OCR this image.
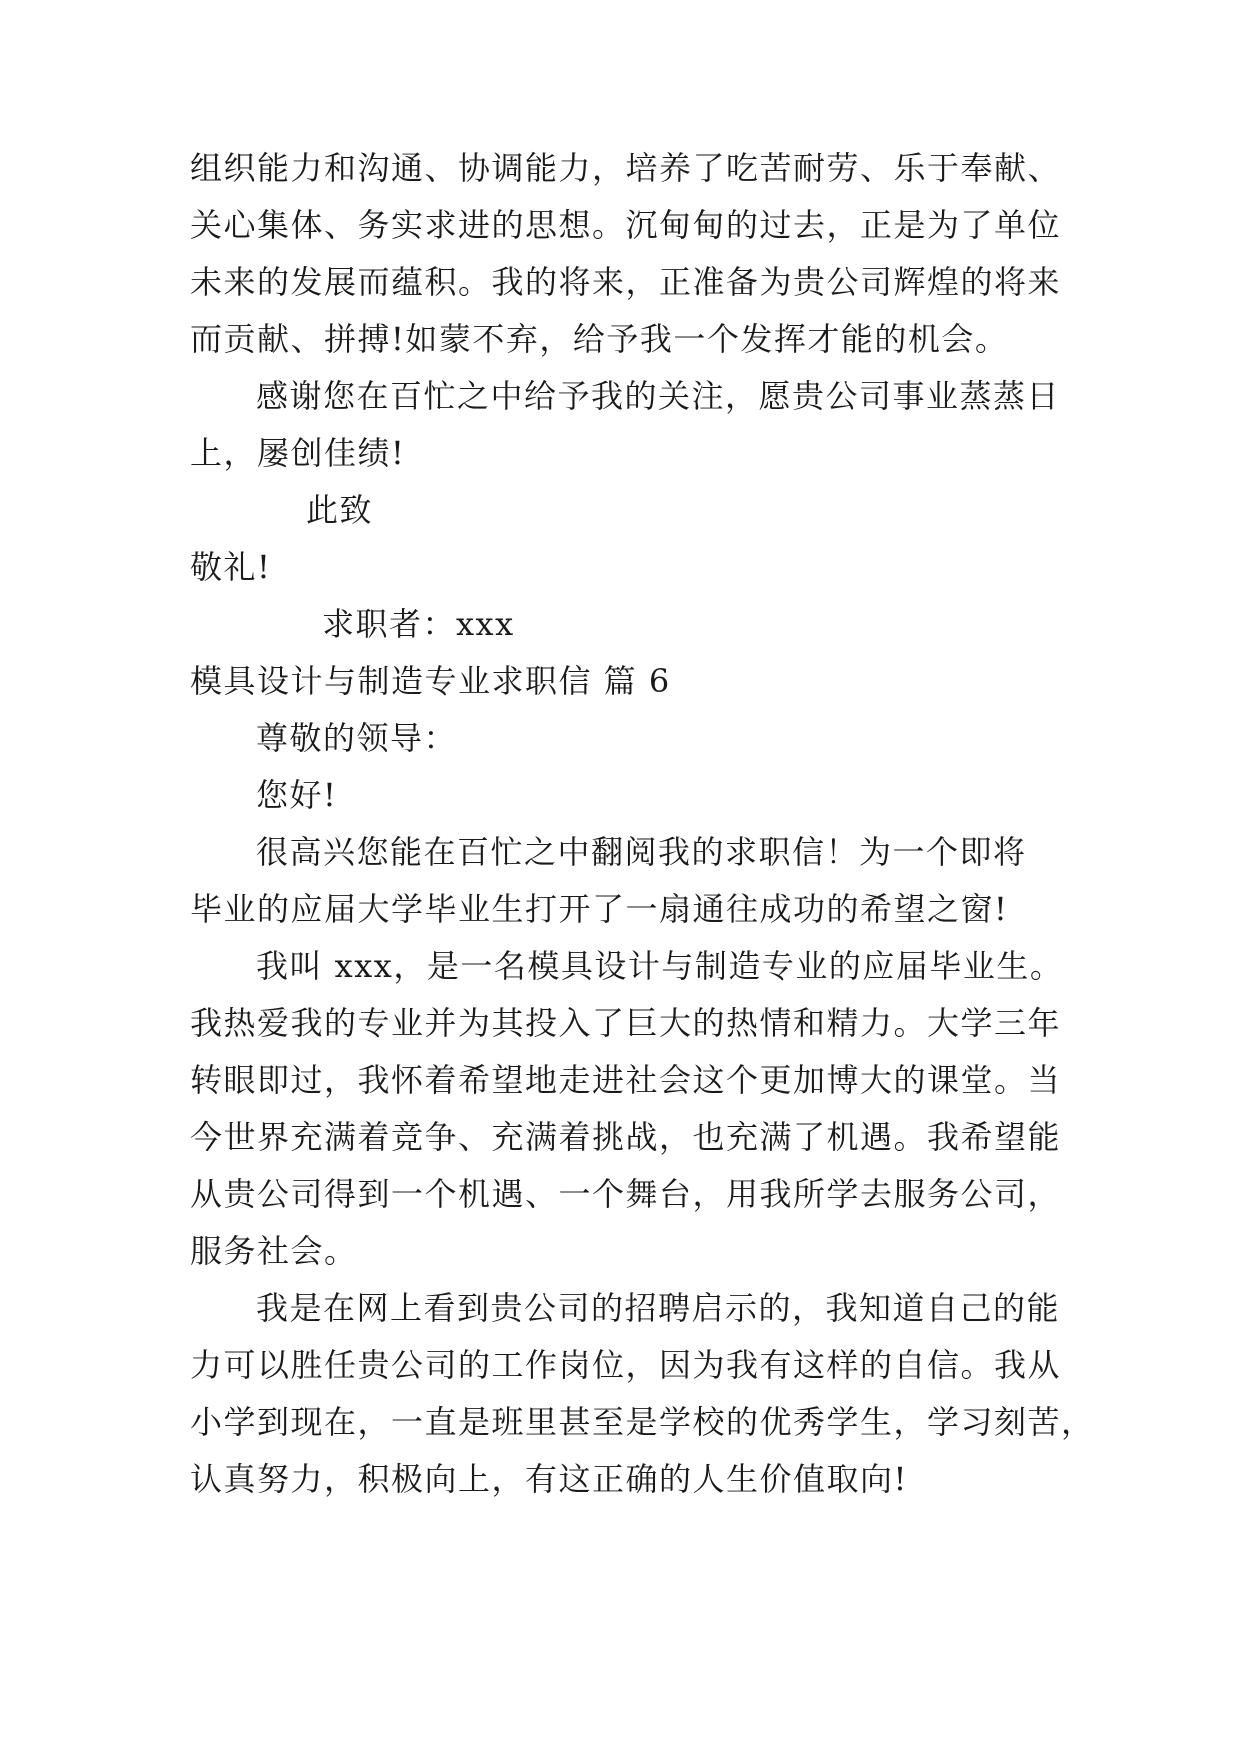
组织能力和沟通、协调能力，培养了吃苦耐劳、乐于奉献、
关心集体、务实求进的思想。沉甸甸的过去，正是为了单位
未来的发展而蕴积。我的将来，正准备为贵公司辉煌的将来
而贡献、拼搏!如蒙不弃，给予我一个发挥才能的机会。
感谢您在百忙之中给予我的关注，愿贵公司事业蒸蒸日
上，屡创佳绩!
此致
敬礼!
求职者：xxx
模具设计与制造专业求职信 篇 6
尊敬的领导：
您好!
很高兴您能在百忙之中翻阅我的求职信！为一个即将
毕业的应届大学毕业生打开了一扇通往成功的希望之窗!
我叫 xxx，是一名模具设计与制造专业的应届毕业生。
我热爱我的专业并为其投入了巨大的热情和精力。大学三年
转眼即过，我怀着希望地走进社会这个更加博大的课堂。当
今世界充满着竞争、充满着挑战，也充满了机遇。我希望能
从贵公司得到一个机遇、一个舞台，用我所学去服务公司，
服务社会。
我是在网上看到贵公司的招聘启示的，我知道自己的能
力可以胜任贵公司的工作岗位，因为我有这样的自信。我从
小学到现在，一直是班里甚至是学校的优秀学生，学习刻苦，
认真努力，积极向上，有这正确的人生价值取向!
